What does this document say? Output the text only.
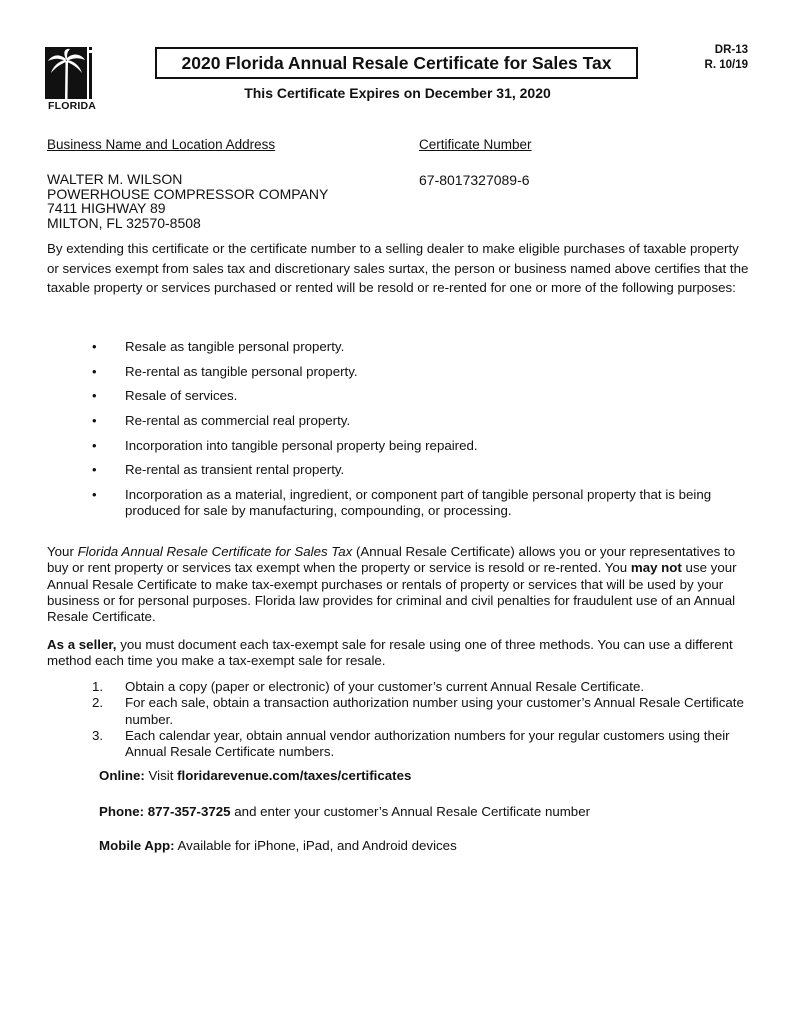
FLORIDA
2020 Florida Annual Resale Certificate for Sales Tax
DR-13
R. 10/19
This Certificate Expires on December 31, 2020
Business Name and Location Address	Certificate Number
WALTER M. WILSON
POWERHOUSE COMPRESSOR COMPANY
7411 HIGHWAY 89
MILTON, FL 32570-8508
67-8017327089-6
By extending this certificate or the certificate number to a selling dealer to make eligible purchases of taxable property or services exempt from sales tax and discretionary sales surtax, the person or business named above certifies that the taxable property or services purchased or rented will be resold or re-rented for one or more of the following purposes:
• Resale as tangible personal property.
• Re-rental as tangible personal property.
• Resale of services.
• Re-rental as commercial real property.
• Incorporation into tangible personal property being repaired.
• Re-rental as transient rental property.
• Incorporation as a material, ingredient, or component part of tangible personal property that is being produced for sale by manufacturing, compounding, or processing.
Your Florida Annual Resale Certificate for Sales Tax (Annual Resale Certificate) allows you or your representatives to buy or rent property or services tax exempt when the property or service is resold or re-rented. You may not use your Annual Resale Certificate to make tax-exempt purchases or rentals of property or services that will be used by your business or for personal purposes. Florida law provides for criminal and civil penalties for fraudulent use of an Annual Resale Certificate.
As a seller, you must document each tax-exempt sale for resale using one of three methods. You can use a different method each time you make a tax-exempt sale for resale.
1. Obtain a copy (paper or electronic) of your customer’s current Annual Resale Certificate.
2. For each sale, obtain a transaction authorization number using your customer’s Annual Resale Certificate number.
3. Each calendar year, obtain annual vendor authorization numbers for your regular customers using their Annual Resale Certificate numbers.
Online: Visit floridarevenue.com/taxes/certificates
Phone: 877-357-3725 and enter your customer’s Annual Resale Certificate number
Mobile App: Available for iPhone, iPad, and Android devices
